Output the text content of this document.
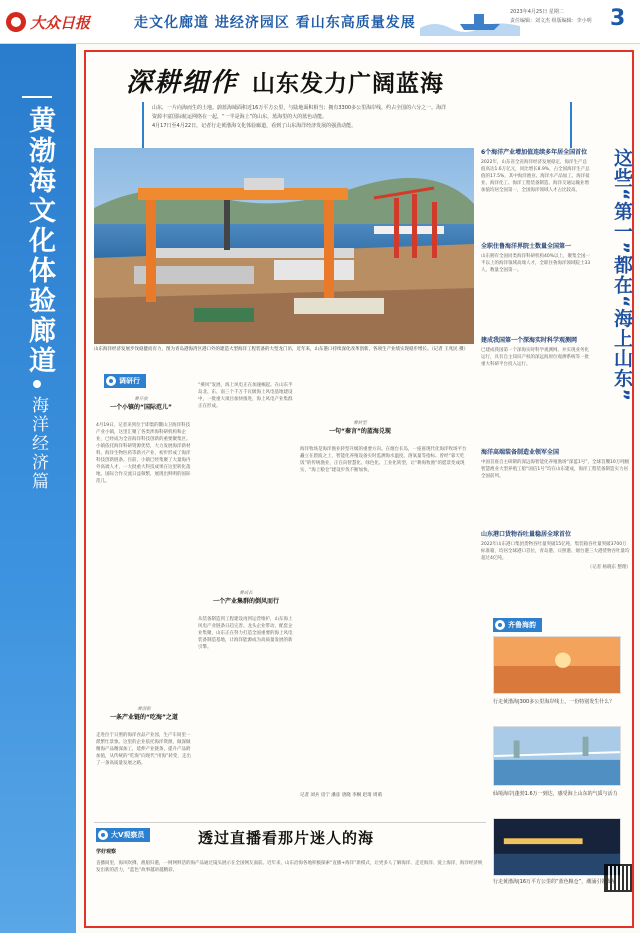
大众日报	走文化廊道 进经济园区 看山东高质量发展
2023年4月25日 星期二
责任编辑：刘文杰 组版编辑：李小明 3
黄渤海文化体验廊道
海洋经济篇
深耕细作 山东发力广阔蓝海
山东，一片向海而生的土地。蔚蓝海域面积近16万平方公里，与陆地面积相当；拥有3300多公里海岸线，约占全国的六分之一。海洋
资源丰富国际航运网络在一起，“一半是海上”的山东，蓝海里的大的蓝色动能。
4月17日至4月22日，记者行走黄渤海文化体验廊道，看到了山东海洋经济发展的强劲动能。
山东海洋经济发展步伐稳健而有力，图为青岛港海湾区港口外的建造大型海洋工程装备的大型龙门吊，近年来，山东港口持续深化改革创新，各项生产业绩实现稳步增长。（记者 王兆民 摄）	这些“第一”都在“海上山东”
6个海洋产业增加值连续多年居全国首位
2022年，山东省全省海洋经济发展稳定，海洋生产总值高达1.6万亿元，同比增长8.9%，占全国海洋生产总值的17.5%，其中海洋渔业、海洋水产品加工、海洋盐业、海洋化工、海洋工程装备制造、海洋交通运输业增加值均居全国第一，全国海洋领域人才占比较高。
全职住鲁海洋界院士数量全国第一
山东拥有全国同类海洋科研机构40%以上，聚集全国一半以上的海洋领域高端人才，全职住鲁海洋领域院士33人，数量全国第一。
建成我国第一个深海实时科学观测网
已建成我国第一个深海实时科学观测网，并实现业务化运行，具有自主知识产权的深远海原位观测系统等一批重大科研平台投入运行。
海洋高端装备制造业领军全国
中国首座自主研制的深远海智能化养殖渔场“深蓝1号”，全球首艘10万吨级智慧渔业大型养殖工船“国信1号”均在山东建成，海洋工程装备制造实力居全国前列。
山东港口货物吞吐量稳居全球首位
2022年山东港口集团货物吞吐量突破15亿吨，集装箱吞吐量突破3700万标准箱，均居全球港口首位，青岛港、日照港、烟台港三大港货物吞吐量均超过4亿吨。
（记者 杨晓东 整理）
调研行
看开放
一个小镇的“国际范儿”
4月19日，记者来到位于即墨的鳌山卫海洋科技产业小镇，这里汇聚了各类涉海科研机构和企业，已经成为全省海洋科技创新的重要聚集区。小镇依托海洋科研资源优势，大力发展海洋新材料、海洋生物医药等新兴产业，初步形成了海洋科技创新链条。目前，小镇已经集聚了大量海内外高端人才，一大批重大科技成果在这里转化落地，国际合作交流日益频繁，展现出鲜明的国际范儿。
看创新
一条产业链的“吃海”之道
走进位于日照的海洋食品产业园，生产车间里一派繁忙景象。这里的企业依托海洋资源，做深做精海产品精深加工，延伸产业链条，提升产品附加值，从传统的“吃海”向现代“用海”转变，走出了一条高质量发展之路。
“乘风”发展，海上风电正在加速崛起。在山东半岛北、东、南三个千万千瓦级海上风电基地建设中，一批重大项目加快推进，海上风电产业集群正在形成。
看成长
一个产业集群的倒风而行
从装备制造到工程建设再到运营维护，山东海上风电产业链条日趋完善。龙头企业带动，配套企业集聚，山东正在努力打造全国重要的海上风电装备制造基地，让海洋能源成为高质量发展的新引擎。
看转型
一句“秦言”的蓝海兑现
海洋牧场是海洋渔业转型升级的重要方向。在烟台长岛，一座座现代化海洋牧场平台矗立在碧波之上，智能化养殖设备实时监测海水温度、溶氧量等指标。曾经“靠天吃饭”的传统渔业，正在向智慧化、绿色化、工业化转型，让“耕海牧渔”的愿景变成现实，“海上粮仓”建设步伐不断加快。
记者 刘兵 房宁 潘彦 唐晓 李桐 赵琦 周萌
齐鲁海韵
行走黄渤海|300多公里海岸线上，一份特别发生什么？
仙境海岸|蓬勃1.6万一到达，感受海上山东的气质与活力
行走黄渤海|16万平方公里的“蓝色粮仓”，潮涌引领发展
大V观察员	透过直播看那片迷人的海
学好观察
直播间里，海风吹拂，渔船归港，一网网鲜活的海产品通过镜头展示在全国网友面前。近年来，山东沿海各地积极探索“直播+海洋”新模式，让更多人了解海洋、走近海洋、爱上海洋，海洋经济焕发出新的活力，“蓝色”故事越讲越精彩。
